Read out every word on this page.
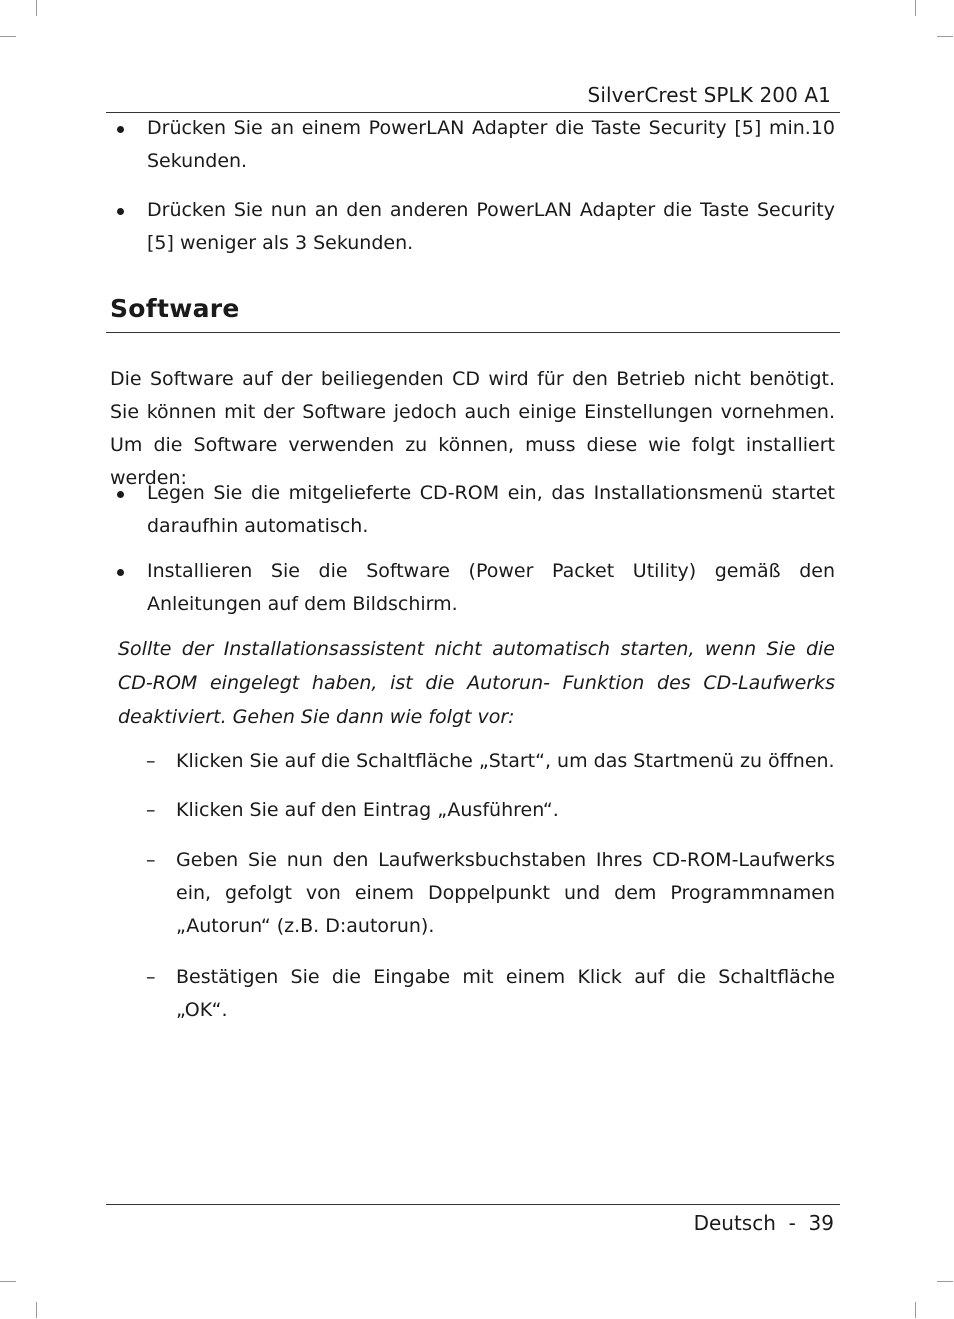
SilverCrest SPLK 200 A1
Drücken Sie an einem PowerLAN Adapter die Taste Security [5] min.10 Sekunden.
Drücken Sie nun an den anderen PowerLAN Adapter die Taste Security [5] weniger als 3 Sekunden.
Software
Die Software auf der beiliegenden CD wird für den Betrieb nicht benötigt. Sie können mit der Software jedoch auch einige Einstellungen vornehmen. Um die Software verwenden zu können, muss diese wie folgt installiert werden:
Legen Sie die mitgelieferte CD-ROM ein, das Installationsmenü startet daraufhin automatisch.
Installieren Sie die Software (Power Packet Utility) gemäß den Anleitungen auf dem Bildschirm.
Sollte der Installationsassistent nicht automatisch starten, wenn Sie die CD-ROM eingelegt haben, ist die Autorun- Funktion des CD-Laufwerks deaktiviert. Gehen Sie dann wie folgt vor:
– Klicken Sie auf die Schaltfläche „Start“, um das Startmenü zu öffnen.
– Klicken Sie auf den Eintrag „Ausführen“.
– Geben Sie nun den Laufwerksbuchstaben Ihres CD-ROM-Laufwerks ein, gefolgt von einem Doppelpunkt und dem Programmnamen „Autorun“ (z.B. D:autorun).
– Bestätigen Sie die Eingabe mit einem Klick auf die Schaltfläche „OK“.
Deutsch  -  39
